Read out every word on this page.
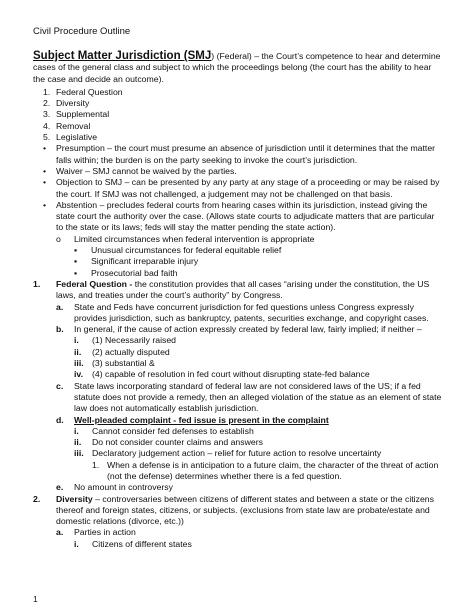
Civil Procedure Outline
Subject Matter Jurisdiction (SMJ) (Federal) – the Court’s competence to hear and determine cases of the general class and subject to which the proceedings belong (the court has the ability to hear the case and decide an outcome).
1. Federal Question
2. Diversity
3. Supplemental
4. Removal
5. Legislative
•	Presumption – the court must presume an absence of jurisdiction until it determines that the matter falls within; the burden is on the party seeking to invoke the court’s jurisdiction.
•	Waiver – SMJ cannot be waived by the parties.
•	Objection to SMJ – can be presented by any party at any stage of a proceeding or may be raised by the court. If SMJ was not challenged, a judgement may not be challenged on that basis.
•	Abstention – precludes federal courts from hearing cases within its jurisdiction, instead giving the state court the authority over the case. (Allows state courts to adjudicate matters that are particular to the state or its laws; feds will stay the matter pending the state action).
o	Limited circumstances when federal intervention is appropriate
▪	Unusual circumstances for federal equitable relief
▪	Significant irreparable injury
▪	Prosecutorial bad faith
1.	Federal Question - the constitution provides that all cases “arising under the constitution, the US laws, and treaties under the court’s authority” by Congress.
a.	State and Feds have concurrent jurisdiction for fed questions unless Congress expressly provides jurisdiction, such as bankruptcy, patents, securities exchange, and copyright cases.
b.	In general, if the cause of action expressly created by federal law, fairly implied; if neither –
i.	(1) Necessarily raised
ii.	(2) actually disputed
iii. (3) substantial &
iv.	(4) capable of resolution in fed court without disrupting state-fed balance
c.	State laws incorporating standard of federal law are not considered laws of the US; if a fed statute does not provide a remedy, then an alleged violation of the statue as an element of state law does not automatically establish jurisdiction.
d.	Well-pleaded complaint - fed issue is present in the complaint
i.	Cannot consider fed defenses to establish
ii.	Do not consider counter claims and answers
iii. Declaratory judgement action – relief for future action to resolve uncertainty
1. When a defense is in anticipation to a future claim, the character of the threat of action (not the defense) determines whether there is a fed question.
e.	No amount in controversy
2.	Diversity – controversaries between citizens of different states and between a state or the citizens thereof and foreign states, citizens, or subjects. (exclusions from state law are probate/estate and domestic relations (divorce, etc.))
a.	Parties in action
i.	Citizens of different states
1
